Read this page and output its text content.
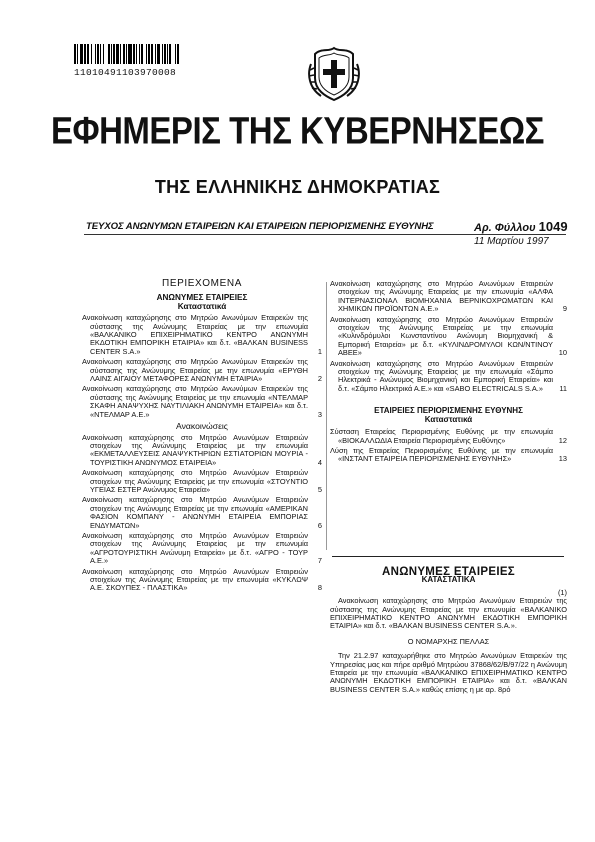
11010491103970008
ΕΦΗΜΕΡΙΣ ΤΗΣ ΚΥΒΕΡΝΗΣΕΩΣ
ΤΗΣ ΕΛΛΗΝΙΚΗΣ ΔΗΜΟΚΡΑΤΙΑΣ
ΤΕΥΧΟΣ ΑΝΩΝΥΜΩΝ ΕΤΑΙΡΕΙΩΝ ΚΑΙ ΕΤΑΙΡΕΙΩΝ ΠΕΡΙΟΡΙΣΜΕΝΗΣ ΕΥΘΥΝΗΣ	Αρ. Φύλλου 1049
11 Μαρτίου 1997
ΠΕΡΙΕΧΟΜΕΝΑ
ΑΝΩΝΥΜΕΣ ΕΤΑΙΡΕΙΕΣ
Καταστατικά
Ανακοίνωση καταχώρησης στο Μητρώο Ανωνύμων Εταιρειών της σύστασης της Ανώνυμης Εταιρείας με την επωνυμία «ΒΑΛΚΑΝΙΚΟ ΕΠΙΧΕΙΡΗΜΑΤΙΚΟ ΚΕΝΤΡΟ ΑΝΩΝΥΜΗ ΕΚΔΟΤΙΚΗ ΕΜΠΟΡΙΚΗ ΕΤΑΙΡΙΑ» και δ.τ. «ΒΑΛΚΑΝ ΒUSINESS CENTER S.A.»	1
Ανακοίνωση καταχώρησης στο Μητρώο Ανωνύμων Εταιρειών της σύστασης της Ανώνυμης Εταιρείας με την επωνυμία «ΕΡΥΘΗ ΛΑΙΝΣ ΑΙΓΑΙΟΥ ΜΕΤΑΦΟΡΕΣ ΑΝΩΝΥΜΗ ΕΤΑΙΡΙΑ»	2
Ανακοίνωση καταχώρησης στο Μητρώο Ανωνύμων Εταιρειών της σύστασης της Ανώνυμης Εταιρείας με την επωνυμία «ΝΤΕΛΜΑΡ ΣΚΑΦΗ ΑΝΑΨΥΧΗΣ ΝΑΥΤΙΛΙΑΚΗ ΑΝΩΝΥΜΗ ΕΤΑΙΡΕΙΑ» και δ.τ. «ΝΤΕΛΜΑΡ Α.Ε.»	3
Ανακοινώσεις
Ανακοίνωση καταχώρησης στο Μητρώο Ανωνύμων Εταιρειών στοιχείων της Ανώνυμης Εταιρείας με την επωνυμία «ΕΚΜΕΤΑΛΛΕΥΣΕΙΣ ΑΝΑΨΥΚΤΗΡΙΩΝ ΕΣΤΙΑΤΟΡΙΩΝ ΜΟΥΡΙΑ - ΤΟΥΡΙΣΤΙΚΗ ΑΝΩΝΥΜΟΣ ΕΤΑΙΡΕΙΑ»	4
Ανακοίνωση καταχώρησης στο Μητρώο Ανωνύμων Εταιρειών στοιχείων της Ανώνυμης Εταιρείας με την επωνυμία «ΣΤΟΥΝΤΙΟ ΥΓΕΙΑΣ ΕΣΤΕΡ Ανώνυμος Εταιρεία»	5
Ανακοίνωση καταχώρησης στο Μητρώο Ανωνύμων Εταιρειών στοιχείων της Ανώνυμης Εταιρείας με την επωνυμία «ΑΜΕΡΙΚΑΝ ΦΑΣΙΟΝ ΚΟΜΠΑΝΥ - ΑΝΩΝΥΜΗ ΕΤΑΙΡΕΙΑ ΕΜΠΟΡΙΑΣ ΕΝΔΥΜΑΤΩΝ»	6
Ανακοίνωση καταχώρησης στο Μητρώο Ανωνύμων Εταιρειών στοιχείων της Ανώνυμης Εταιρείας με την επωνυμία «ΑΓΡΟΤΟΥΡΙΣΤΙΚΗ Ανώνυμη Εταιρεία» με δ.τ. «ΑΓΡΟ - ΤΟΥΡ Α.Ε.»	7
Ανακοίνωση καταχώρησης στο Μητρώο Ανωνύμων Εταιρειών στοιχείων της Ανώνυμης Εταιρείας με την επωνυμία «ΚΥΚΛΩΨ Α.Ε. ΣΚΟΥΠΕΣ - ΠΛΑΣΤΙΚΑ»	8
Ανακοίνωση καταχώρησης στο Μητρώο Ανωνύμων Εταιρειών στοιχείων της Ανώνυμης Εταιρείας με την επωνυμία «ΑΛΦΑ ΙΝΤΕΡΝΑΣΙΟΝΑΛ ΒΙΟΜΗΧΑΝΙΑ ΒΕΡΝΙΚΟΧΡΩΜΑΤΩΝ ΚΑΙ ΧΗΜΙΚΩΝ ΠΡΟΪΟΝΤΩΝ Α.Ε.»	9
Ανακοίνωση καταχώρησης στο Μητρώο Ανωνύμων Εταιρειών στοιχείων της Ανώνυμης Εταιρείας με την επωνυμία «Κυλινδρόμυλοι Κωνσταντίνου Ανώνυμη Βιομηχανική & Εμπορική Εταιρεία» με δ.τ. «ΚΥΛΙΝΔΡΟΜΥΛΟΙ ΚΩΝ/ΝΤΙΝΟΥ ΑΒΕΕ»	10
Ανακοίνωση καταχώρησης στο Μητρώο Ανωνύμων Εταιρειών στοιχείων της Ανώνυμης Εταιρείας με την επωνυμία «Σάμπο Ηλεκτρικά - Ανώνυμος Βιομηχανική και Εμπορική Εταιρεία» και δ.τ. «Σάμπο Ηλεκτρικά Α.Ε.» και «SABO ELECTRICALS S.A.»	11
ΕΤΑΙΡΕΙΕΣ ΠΕΡΙΟΡΙΣΜΕΝΗΣ ΕΥΘΥΝΗΣ
Καταστατικά
Σύσταση Εταιρείας Περιορισμένης Ευθύνης με την επωνυμία «ΒΙΟΚΑΛΛΩΔΙΑ Εταιρεία Περιορισμένης Ευθύνης»	12
Λύση της Εταιρείας Περιορισμένης Ευθύνης με την επωνυμία «ΙΝΣΤΑΝΤ ΕΤΑΙΡΕΙΑ ΠΕΡΙΟΡΙΣΜΕΝΗΣ ΕΥΘΥΝΗΣ»	13
ΑΝΩΝΥΜΕΣ ΕΤΑΙΡΕΙΕΣ
ΚΑΤΑΣΤΑΤΙΚΑ
(1)
Ανακοίνωση καταχώρησης στο Μητρώο Ανωνύμων Εταιρειών της σύστασης της Ανώνυμης Εταιρείας με την επωνυμία «ΒΑΛΚΑΝΙΚΟ ΕΠΙΧΕΙΡΗΜΑΤΙΚΟ ΚΕΝΤΡΟ ΑΝΩΝΥΜΗ ΕΚΔΟΤΙΚΗ ΕΜΠΟΡΙΚΗ ΕΤΑΙΡΙΑ» και δ.τ. «ΒΑΛΚΑΝ BUSINESS CENTER S.A.».
Ο ΝΟΜΑΡΧΗΣ ΠΕΛΛΑΣ
Την 21.2.97 καταχωρήθηκε στο Μητρώο Ανωνύμων Εταιρειών της Υπηρεσίας μας και πήρε αριθμό Μητρώου 37868/62/Β/97/22 η Ανώνυμη Εταιρεία με την επωνυμία «ΒΑΛΚΑΝΙΚΟ ΕΠΙΧΕΙΡΗΜΑΤΙΚΟ ΚΕΝΤΡΟ ΑΝΩΝΥΜΗ ΕΚΔΟΤΙΚΗ ΕΜΠΟΡΙΚΗ ΕΤΑΙΡΙΑ» και δ.τ. «ΒΑΛΚΑΝ BUSINESS CENTER S.A.» καθώς επίσης η με αρ. 8ρό
